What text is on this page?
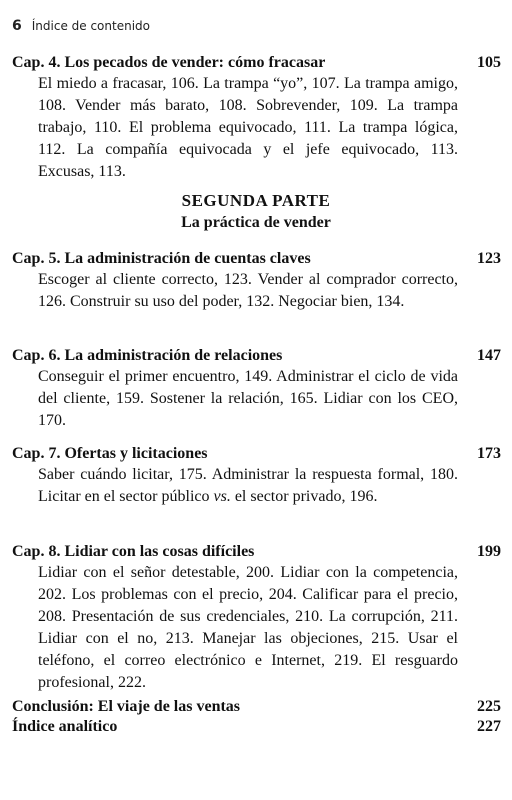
6 Índice de contenido
Cap. 4. Los pecados de vender: cómo fracasar	105
El miedo a fracasar, 106. La trampa “yo”, 107. La trampa amigo, 108. Vender más barato, 108. Sobrevender, 109. La trampa trabajo, 110. El problema equivocado, 111. La trampa lógica, 112. La compañía equivocada y el jefe equivocado, 113. Excusas, 113.
SEGUNDA PARTE
La práctica de vender
Cap. 5. La administración de cuentas claves	123
Escoger al cliente correcto, 123. Vender al comprador correcto, 126. Construir su uso del poder, 132. Negociar bien, 134.
Cap. 6. La administración de relaciones	147
Conseguir el primer encuentro, 149. Administrar el ciclo de vida del cliente, 159. Sostener la relación, 165. Lidiar con los CEO, 170.
Cap. 7. Ofertas y licitaciones	173
Saber cuándo licitar, 175. Administrar la respuesta formal, 180. Licitar en el sector público vs. el sector privado, 196.
Cap. 8. Lidiar con las cosas difíciles	199
Lidiar con el señor detestable, 200. Lidiar con la competencia, 202. Los problemas con el precio, 204. Calificar para el precio, 208. Presentación de sus credenciales, 210. La corrupción, 211. Lidiar con el no, 213. Manejar las objeciones, 215. Usar el teléfono, el correo electrónico e Internet, 219. El resguardo profesional, 222.
Conclusión: El viaje de las ventas	225
Índice analítico	227
